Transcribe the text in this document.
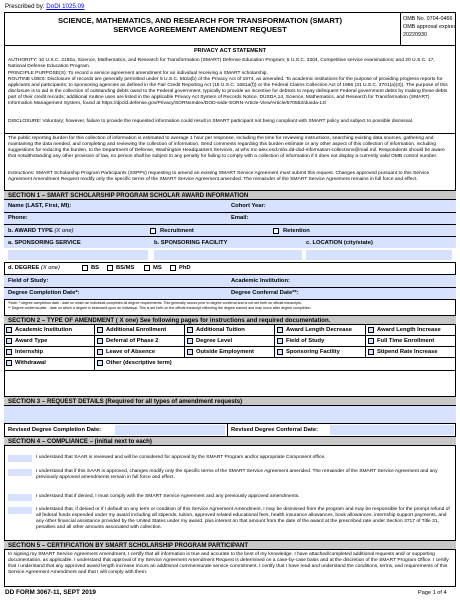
Prescribed by: DoDI 1025.09
SCIENCE, MATHEMATICS, AND RESEARCH FOR TRANSFORMATION (SMART)
SERVICE AGREEMENT AMENDMENT REQUEST
OMB No. 0704-0466
OMB approval expires
20220930
PRIVACY ACT STATEMENT
AUTHORITY: 10 U.S.C. 2192a, Science, Mathematics, and Research for Transformation (SMART) Defense Education Program; 5 U.S.C. 3304, Competitive service examinations; and 20 U.S.C. 17, National Defense Education Program.
PRINCIPLE PURPOSE(S): To record a service agreement amendment for an individual receiving a SMART scholarship.
ROUTINE USES: Disclosure of records are generally permitted under 5 U.S.C. 552a(b) of the Privacy Act of 1974, as amended. To academic institutions for the purpose of providing progress reports for applicants and participants; to sponsoring agencies as defined in the Fair Credit Reporting Act (15 U.S.C. 1681a(f)) or the Federal Claims Collection Act of 1966 (31 U.S.C. 3701(a)(3)). The purpose of this disclosure is to aid in the collection of outstanding debts owed to the Federal government, typically to provide an incentive for debtors to repay delinquent Federal government debts by making these debts part of their credit records; additional routine uses are listed in the applicable Privacy Act System of Records Notice, DUSDA 14, Science, Mathematics, and Research for Transformation (SMART) Information Management System, found at https://dpcld.defense.gov/Privacy/SORNsIndex/DOD-wide-SORN-Article-View/Article/570552/dusda-14/
DISCLOSURE: Voluntary; however, failure to provide the requested information could result in SMART participant not being compliant with SMART policy and subject to possible dismissal.
The public reporting burden for this collection of information is estimated to average 1 hour per response, including the time for reviewing instructions, searching existing data sources, gathering and maintaining the data needed, and completing and reviewing the collection of information. Send comments regarding this burden estimate or any other aspect of this collection of information, including suggestions for reducing the burden, to the Department of Defense, Washington Headquarters Services, at whs.mc-alex.esd.mbx.dd-dod-information-collections@mail.mil. Respondents should be aware that notwithstanding any other provision of law, no person shall be subject to any penalty for failing to comply with a collection of information if it does not display a currently valid OMB control number.
Instructions: SMART Scholarship Program Participants (SSPPs) requesting to amend an existing SMART Service Agreement must submit this request. Changes approved pursuant to this Service Agreement Amendment Request modify only the specific terms of the SMART Service Agreement amended. The remainder of the SMART Service Agreement remains in full force and effect.
SECTION 1 – SMART SCHOLARSHIP PROGRAM SCHOLAR AWARD INFORMATION
Name (LAST, First, MI):	Cohort Year:
Phone:	Email:
b. AWARD TYPE (X one)	Recruitment	Retention
a. SPONSORING SERVICE	b. SPONSORING FACILITY	c. LOCATION (city/state)
d. DEGREE (X one)	BS	BS/MS	MS	PhD
Field of Study:	Academic Institution:
Degree Completion Date*:	Degree Conferral Date**:
*Note: * degree completion date - date on which an individual completes all degree requirements. This generally occurs prior to degree conferral and is not set forth on official transcripts.
** Degree conferral date - date on which a degree is bestowed upon an individual. This is set forth on the official transcript reflecting the degree earned and may occur after degree completion.
SECTION 2 – TYPE OF AMENDMENT ( X one) See following pages for instructions and required documentation.
Academic Institution	Additional Enrollment	Additional Tuition	Award Length Decrease	Award Length Increase
Award Type	Deferral of Phase 2	Degree Level	Field of Study	Full Time Enrollment
Internship	Leave of Absence	Outside Employment	Sponsoring Facility	Stipend Rate Increase
Withdrawal	Other (descriptive term)
SECTION 3 – REQUEST DETAILS (Required for all types of amendment requests)
Revised Degree Completion Date:	Revised Degree Conferral Date:
SECTION 4 – COMPLIANCE – (initial next to each)
I understand that SAAR is reviewed and will be considered for approval by the SMART Program and/or appropriate Component office.
I understand that if this SAAR is approved, changes modify only the specific terms of the SMART Service Agreement amended. The remainder of the SMART Service Agreement and any previously approved amendments remain in full force and effect.
I understand that if denied, I must comply with the SMART Service Agreement and any previously approved amendments.
I understand that, if denied or if I default on any term or condition of this Service Agreement Amendment, I may be dismissed from the program and may be responsible for the prompt refund of all federal funds expended under my award including all stipends, tuition, approved related educational fees, health insurance allowances, book allowances, internship support payments, and any other financial assistance provided by the United States under my award, plus interest on that amount from the date of the award at the prescribed rate under Section 3717 of Title 31, penalties and all other amounts associated with collection.
SECTION 5 – CERTIFICATION BY SMART SCHOLARSHIP PROGRAM PARTICIPANT
In signing my SMART Service Agreement Amendment, I certify that all information is true and accurate to the best of my knowledge. I have attached/completed additional requests and/ or supporting documentation, as applicable. I understand that approval of my Service Agreement Amendment Request is determined on a case-by-case basis and at the discretion of the SMART Program Office. I certify that I understand that any approved award length increase incurs an additional commensurate service commitment. I certify that I have read and understand the conditions, terms, and requirements of this Service Agreement Amendment and that I will comply with them.
DD FORM 3067-11, SEPT 2019	Page 1 of 4
